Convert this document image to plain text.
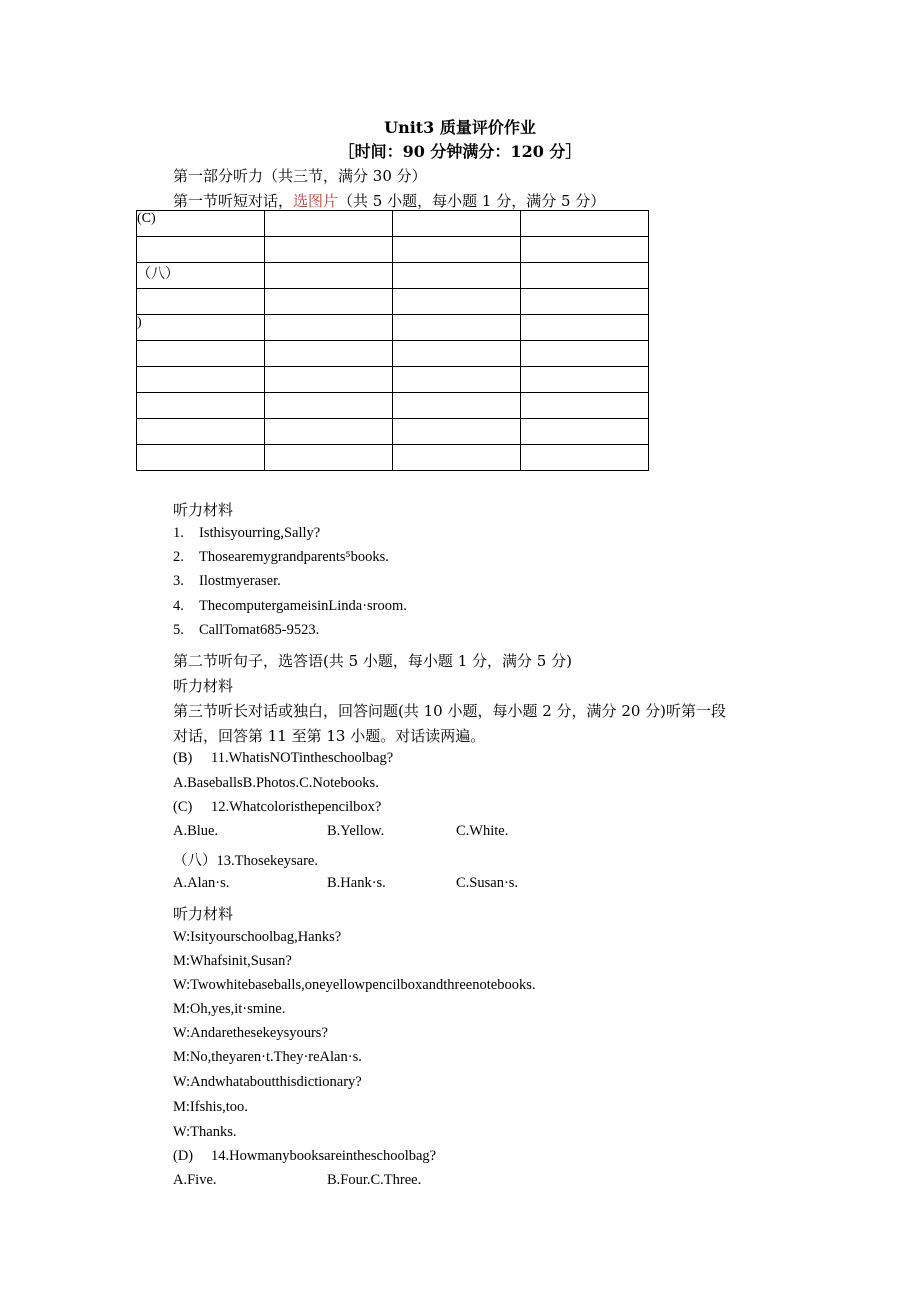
Unit3 质量评价作业
［时间：90 分钟满分：120 分］
第一部分听力（共三节，满分 30 分）
第一节听短对话，选图片（共 5 小题，每小题 1 分，满分 5 分）
(C)			

（八）			

)			

听力材料
1. Isthisyourring,Sally?
2. Thosearemygrandparents⁵books.
3. Ilostmyeraser.
4. ThecomputergameisinLinda·sroom.
5. CallTomat685-9523.
第二节听句子，选答语(共 5 小题，每小题 1 分，满分 5 分)
听力材料
第三节听长对话或独白，回答问题(共 10 小题，每小题 2 分，满分 20 分)听第一段
对话，回答第 11 至第 13 小题。对话读两遍。
(B) 11.WhatisNOTintheschoolbag?
A.BaseballsB.Photos.C.Notebooks.
(C) 12.Whatcoloristhepencilbox?
A.Blue.	B.Yellow.	C.White.
（八）13.Thosekeysare.
A.Alan·s.	B.Hank·s.	C.Susan·s.
听力材料
W:Isityourschoolbag,Hanks?
M:Whafsinit,Susan?
W:Twowhitebaseballs,oneyellowpencilboxandthreenotebooks.
M:Oh,yes,it·smine.
W:Andarethesekeysyours?
M:No,theyaren·t.They·reAlan·s.
W:Andwhataboutthisdictionary?
M:Ifshis,too.
W:Thanks.
(D) 14.Howmanybooksareintheschoolbag?
A.Five.	B.Four.C.Three.
